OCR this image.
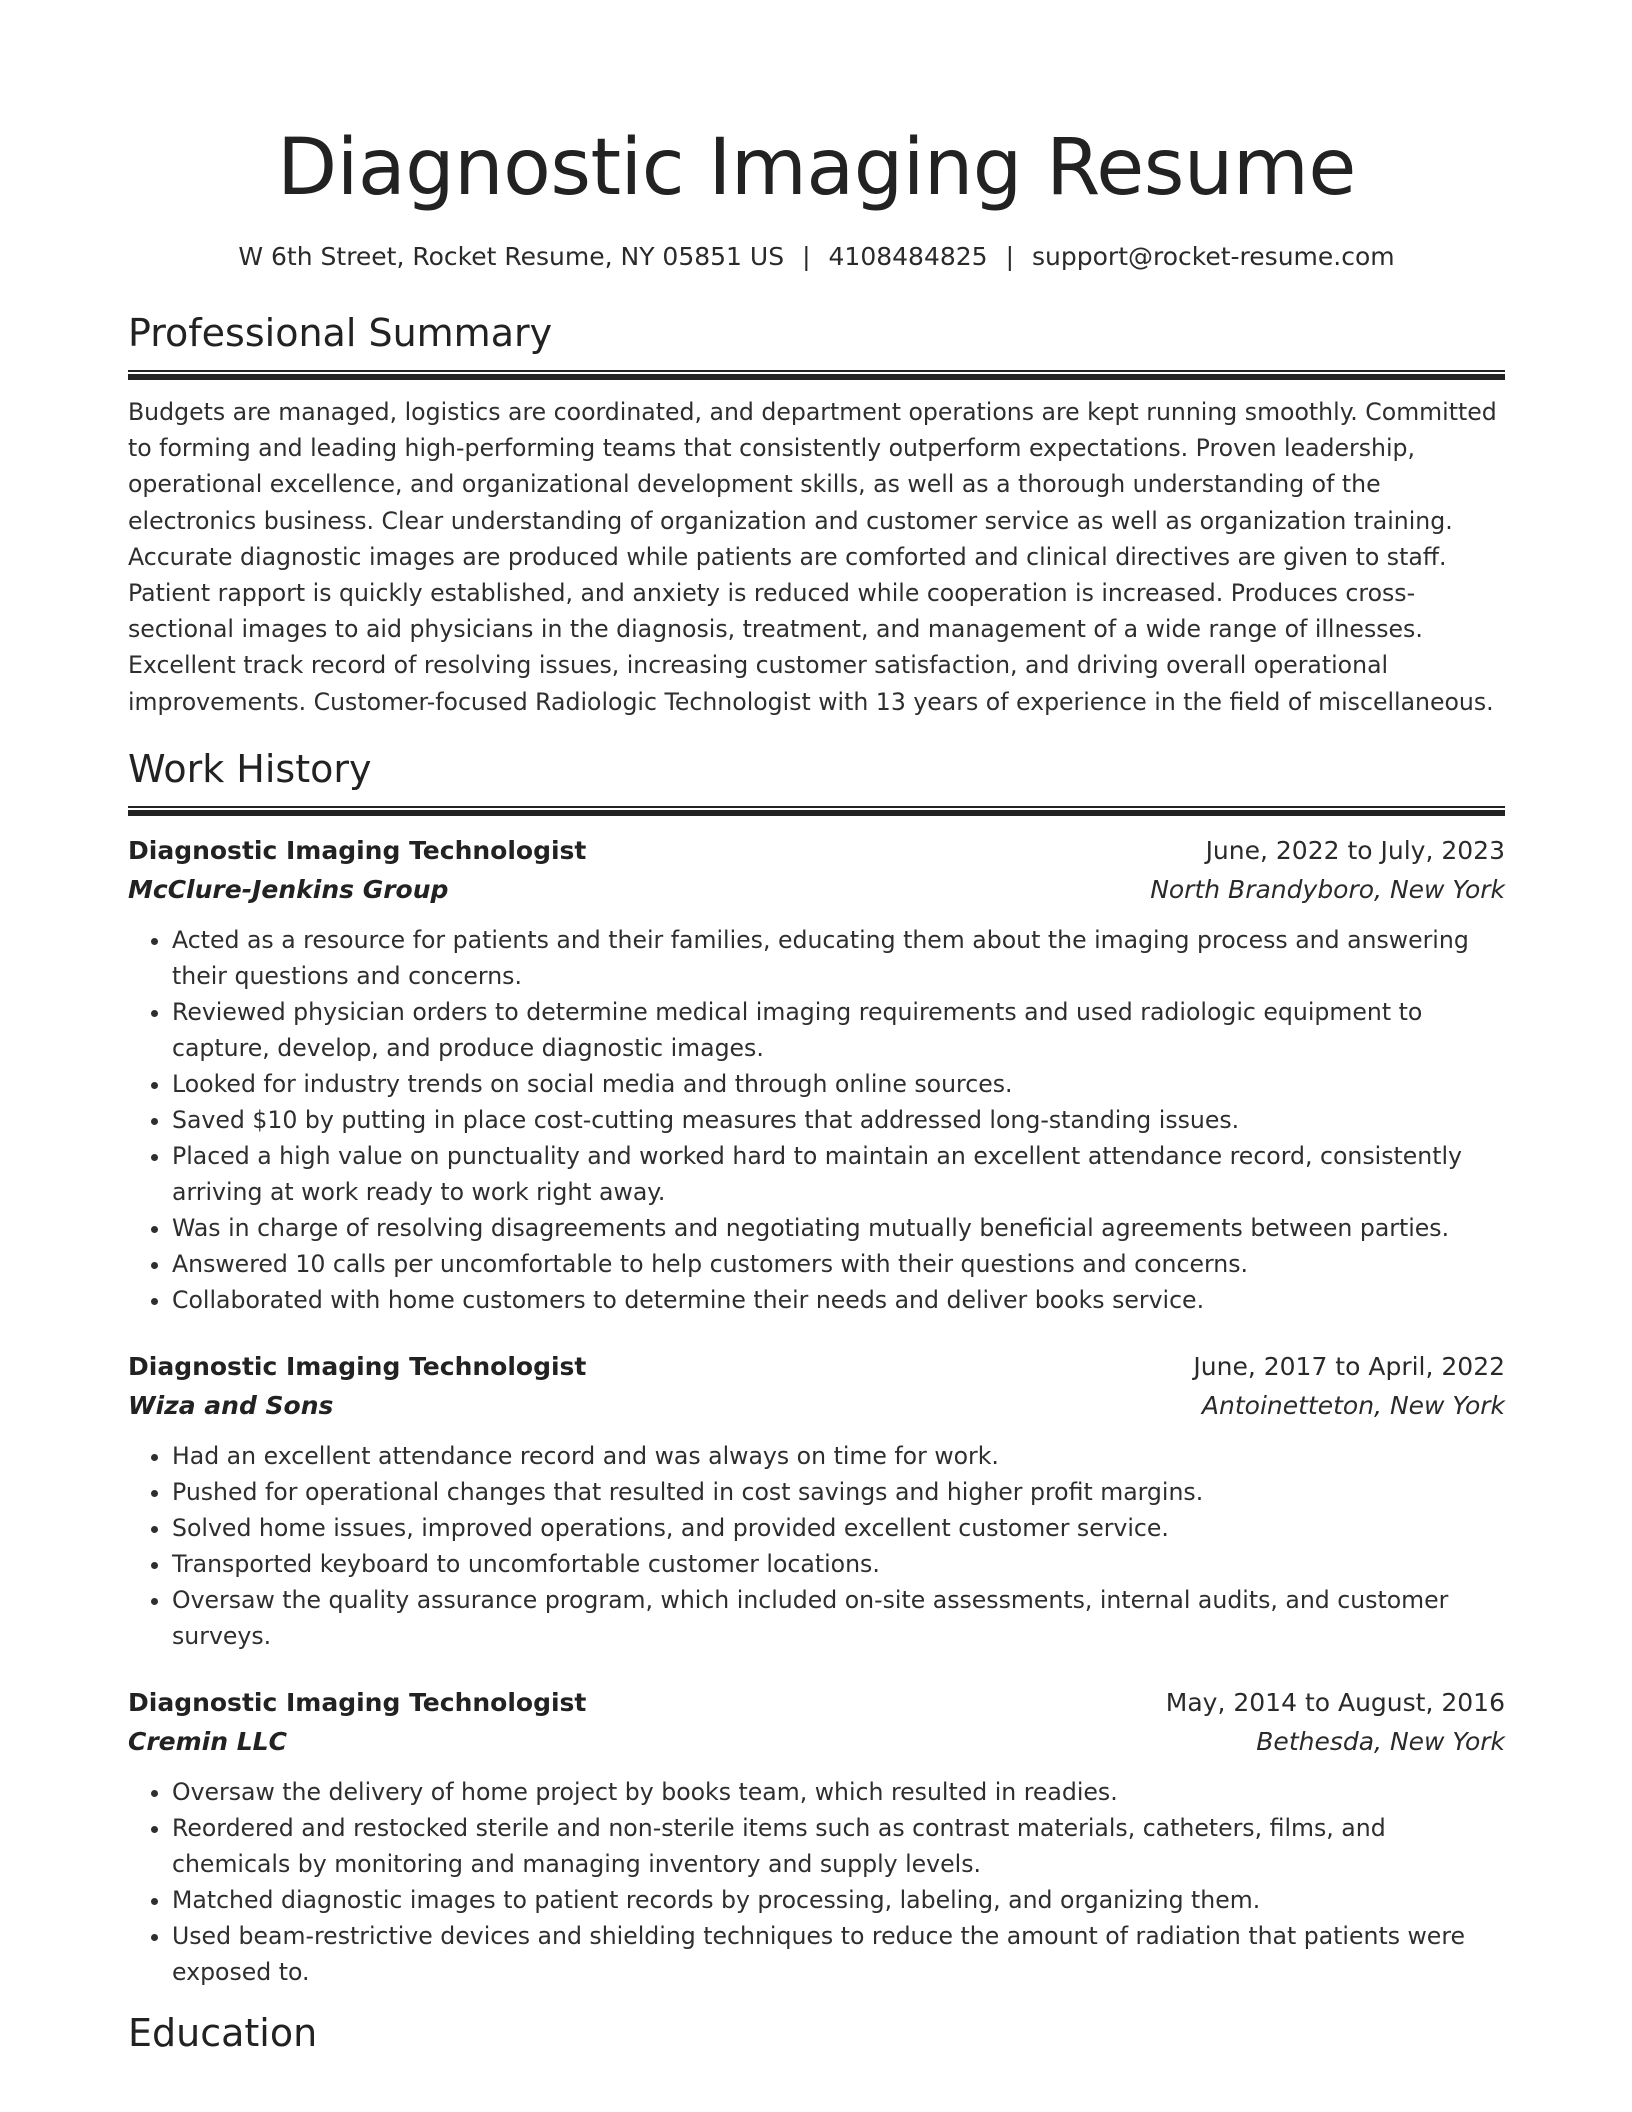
Diagnostic Imaging Resume
W 6th Street, Rocket Resume, NY 05851 US | 4108484825 | support@rocket-resume.com
Professional Summary

Budgets are managed, logistics are coordinated, and department operations are kept running smoothly. Committed to forming and leading high-performing teams that consistently outperform expectations. Proven leadership, operational excellence, and organizational development skills, as well as a thorough understanding of the electronics business. Clear understanding of organization and customer service as well as organization training. Accurate diagnostic images are produced while patients are comforted and clinical directives are given to staff. Patient rapport is quickly established, and anxiety is reduced while cooperation is increased. Produces cross-sectional images to aid physicians in the diagnosis, treatment, and management of a wide range of illnesses. Excellent track record of resolving issues, increasing customer satisfaction, and driving overall operational improvements. Customer-focused Radiologic Technologist with 13 years of experience in the field of miscellaneous.

Work History
Diagnostic Imaging Technologist	June, 2022 to July, 2023
McClure-Jenkins Group	North Brandyboro, New York
• Acted as a resource for patients and their families, educating them about the imaging process and answering their questions and concerns.
• Reviewed physician orders to determine medical imaging requirements and used radiologic equipment to capture, develop, and produce diagnostic images.
• Looked for industry trends on social media and through online sources.
• Saved $10 by putting in place cost-cutting measures that addressed long-standing issues.
• Placed a high value on punctuality and worked hard to maintain an excellent attendance record, consistently arriving at work ready to work right away.
• Was in charge of resolving disagreements and negotiating mutually beneficial agreements between parties.
• Answered 10 calls per uncomfortable to help customers with their questions and concerns.
• Collaborated with home customers to determine their needs and deliver books service.
Diagnostic Imaging Technologist	June, 2017 to April, 2022
Wiza and Sons	Antoinetteton, New York
• Had an excellent attendance record and was always on time for work.
• Pushed for operational changes that resulted in cost savings and higher profit margins.
• Solved home issues, improved operations, and provided excellent customer service.
• Transported keyboard to uncomfortable customer locations.
• Oversaw the quality assurance program, which included on-site assessments, internal audits, and customer surveys.
Diagnostic Imaging Technologist	May, 2014 to August, 2016
Cremin LLC	Bethesda, New York
• Oversaw the delivery of home project by books team, which resulted in readies.
• Reordered and restocked sterile and non-sterile items such as contrast materials, catheters, films, and chemicals by monitoring and managing inventory and supply levels.
• Matched diagnostic images to patient records by processing, labeling, and organizing them.
• Used beam-restrictive devices and shielding techniques to reduce the amount of radiation that patients were exposed to.
Education
